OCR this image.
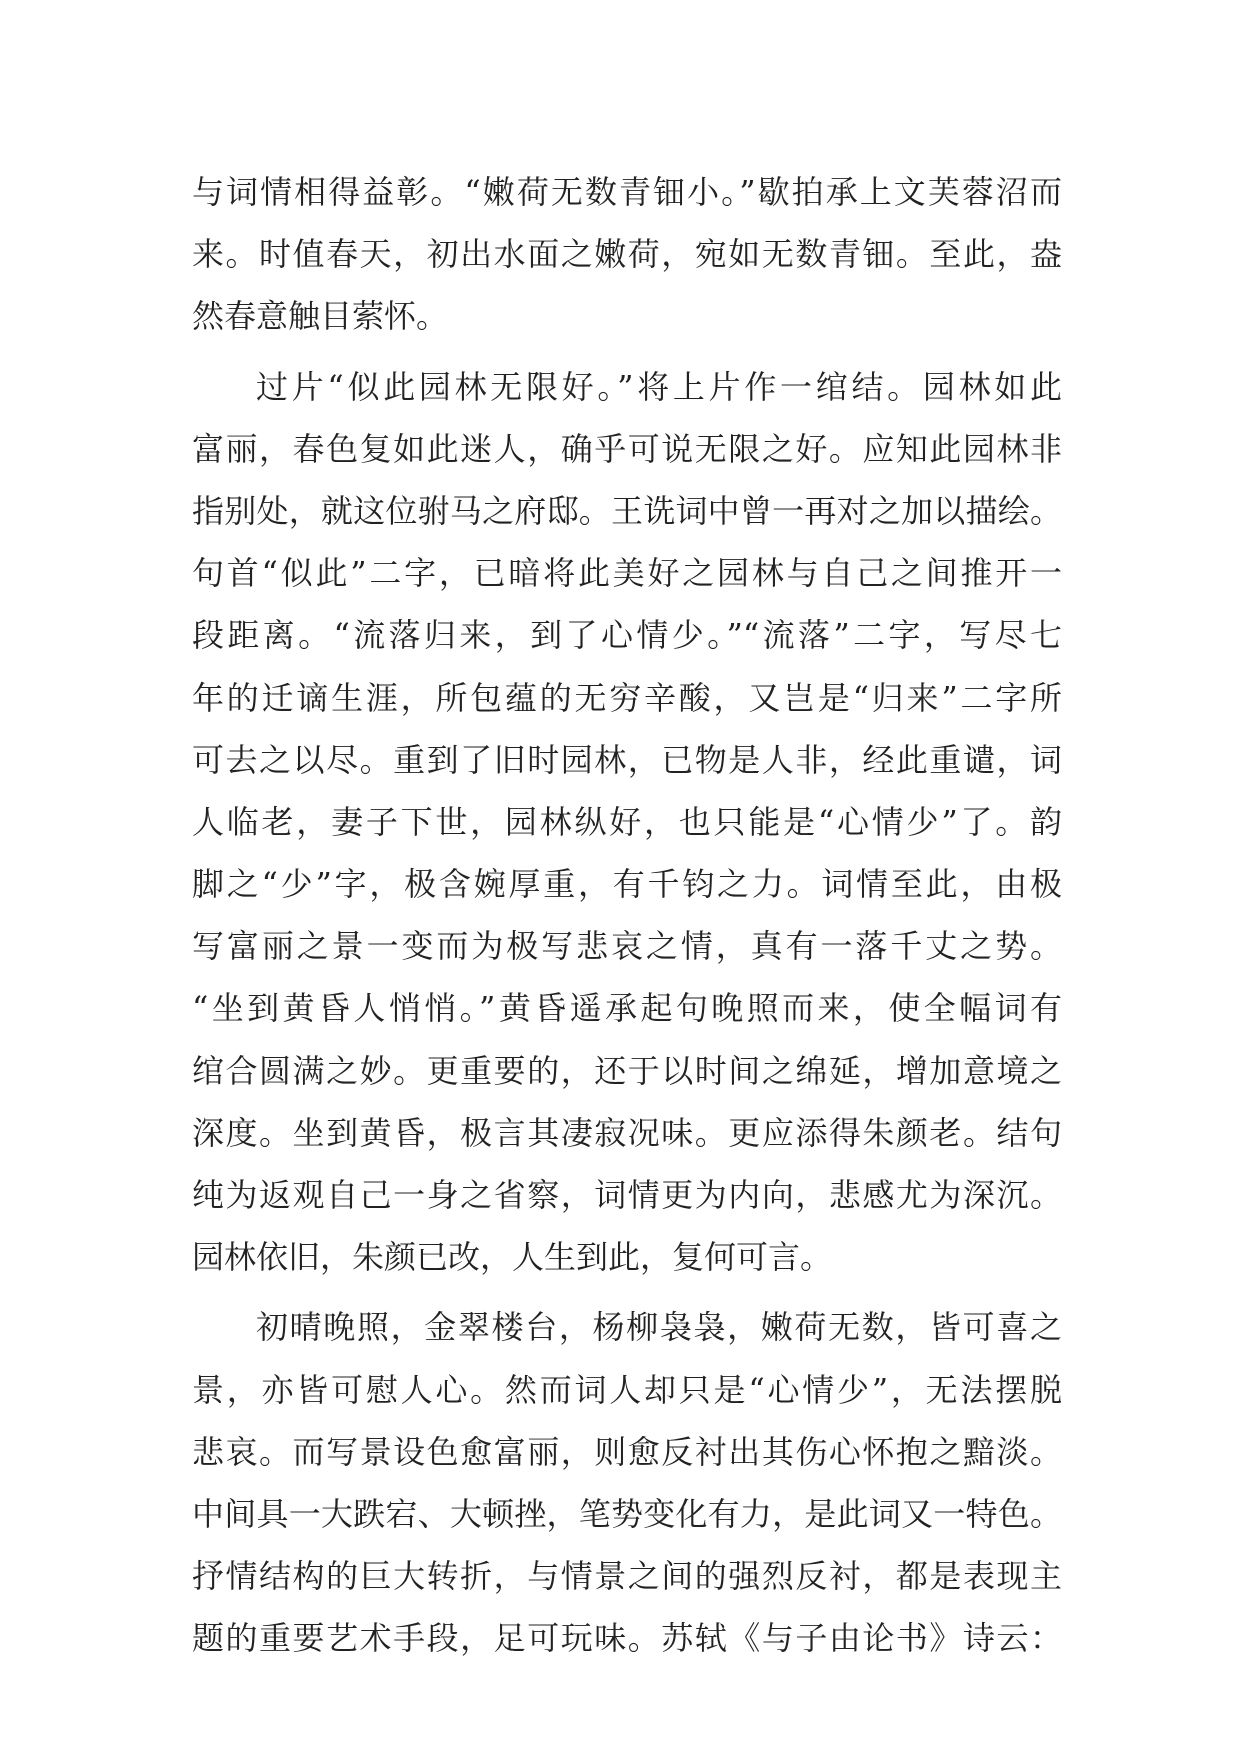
与词情相得益彰。“嫩荷无数青钿小。”歇拍承上文芙蓉沼而
来。时值春天，初出水面之嫩荷，宛如无数青钿。至此，盎
然春意触目萦怀。
过片“似此园林无限好。”将上片作一绾结。园林如此
富丽，春色复如此迷人，确乎可说无限之好。应知此园林非
指别处，就这位驸马之府邸。王诜词中曾一再对之加以描绘。
句首“似此”二字，已暗将此美好之园林与自己之间推开一
段距离。“流落归来，到了心情少。”“流落”二字，写尽七
年的迁谪生涯，所包蕴的无穷辛酸，又岂是“归来”二字所
可去之以尽。重到了旧时园林，已物是人非，经此重谴，词
人临老，妻子下世，园林纵好，也只能是“心情少”了。韵
脚之“少”字，极含婉厚重，有千钧之力。词情至此，由极
写富丽之景一变而为极写悲哀之情，真有一落千丈之势。
“坐到黄昏人悄悄。”黄昏遥承起句晚照而来，使全幅词有
绾合圆满之妙。更重要的，还于以时间之绵延，增加意境之
深度。坐到黄昏，极言其凄寂况味。更应添得朱颜老。结句
纯为返观自己一身之省察，词情更为内向，悲感尤为深沉。
园林依旧，朱颜已改，人生到此，复何可言。
初晴晚照，金翠楼台，杨柳袅袅，嫩荷无数，皆可喜之
景，亦皆可慰人心。然而词人却只是“心情少”，无法摆脱
悲哀。而写景设色愈富丽，则愈反衬出其伤心怀抱之黯淡。
中间具一大跌宕、大顿挫，笔势变化有力，是此词又一特色。
抒情结构的巨大转折，与情景之间的强烈反衬，都是表现主
题的重要艺术手段，足可玩味。苏轼《与子由论书》诗云：
